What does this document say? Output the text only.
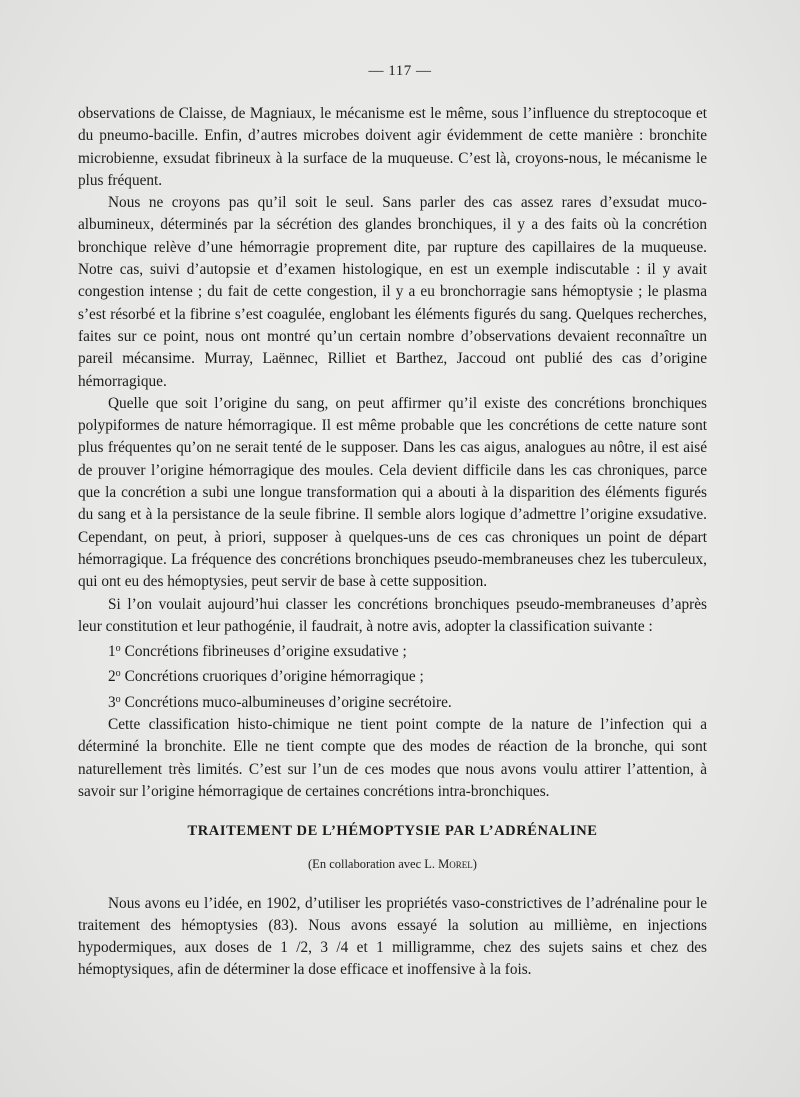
— 117 —

observations de Claisse, de Magniaux, le mécanisme est le même, sous l’influence du streptocoque et du pneumo-bacille. Enfin, d’autres microbes doivent agir évidemment de cette manière : bronchite microbienne, exsudat fibrineux à la surface de la muqueuse. C’est là, croyons-nous, le mécanisme le plus fréquent.

Nous ne croyons pas qu’il soit le seul. Sans parler des cas assez rares d’exsudat muco-albumineux, déterminés par la sécrétion des glandes bronchiques, il y a des faits où la concrétion bronchique relève d’une hémorragie proprement dite, par rupture des capillaires de la muqueuse. Notre cas, suivi d’autopsie et d’examen histologique, en est un exemple indiscutable : il y avait congestion intense ; du fait de cette congestion, il y a eu bronchorragie sans hémoptysie ; le plasma s’est résorbé et la fibrine s’est coagulée, englobant les éléments figurés du sang. Quelques recherches, faites sur ce point, nous ont montré qu’un certain nombre d’observations devaient reconnaître un pareil mécansime. Murray, Laënnec, Rilliet et Barthez, Jaccoud ont publié des cas d’origine hémorragique.

Quelle que soit l’origine du sang, on peut affirmer qu’il existe des concrétions bronchiques polypiformes de nature hémorragique. Il est même probable que les concrétions de cette nature sont plus fréquentes qu’on ne serait tenté de le supposer. Dans les cas aigus, analogues au nôtre, il est aisé de prouver l’origine hémorragique des moules. Cela devient difficile dans les cas chroniques, parce que la concrétion a subi une longue transformation qui a abouti à la disparition des éléments figurés du sang et à la persistance de la seule fibrine. Il semble alors logique d’admettre l’origine exsudative. Cependant, on peut, à priori, supposer à quelques-uns de ces cas chroniques un point de départ hémorragique. La fréquence des concrétions bronchiques pseudo-membraneuses chez les tuberculeux, qui ont eu des hémoptysies, peut servir de base à cette supposition.

Si l’on voulait aujourd’hui classer les concrétions bronchiques pseudo-membraneuses d’après leur constitution et leur pathogénie, il faudrait, à notre avis, adopter la classification suivante :

1$^o$ Concrétions fibrineuses d’origine exsudative ;
2$^o$ Concrétions cruoriques d’origine hémorragique ;
3$^o$ Concrétions muco-albumineuses d’origine secrétoire.

Cette classification histo-chimique ne tient point compte de la nature de l’infection qui a déterminé la bronchite. Elle ne tient compte que des modes de réaction de la bronche, qui sont naturellement très limités. C’est sur l’un de ces modes que nous avons voulu attirer l’attention, à savoir sur l’origine hémorragique de certaines concrétions intra-bronchiques.

TRAITEMENT DE L’HÉMOPTYSIE PAR L’ADRÉNALINE
(En collaboration avec L. Morel)

Nous avons eu l’idée, en 1902, d’utiliser les propriétés vaso-constrictives de l’adrénaline pour le traitement des hémoptysies (83). Nous avons essayé la solution au millième, en injections hypodermiques, aux doses de 1 /2, 3 /4 et 1 milligramme, chez des sujets sains et chez des hémoptysiques, afin de déterminer la dose efficace et inoffensive à la fois.
